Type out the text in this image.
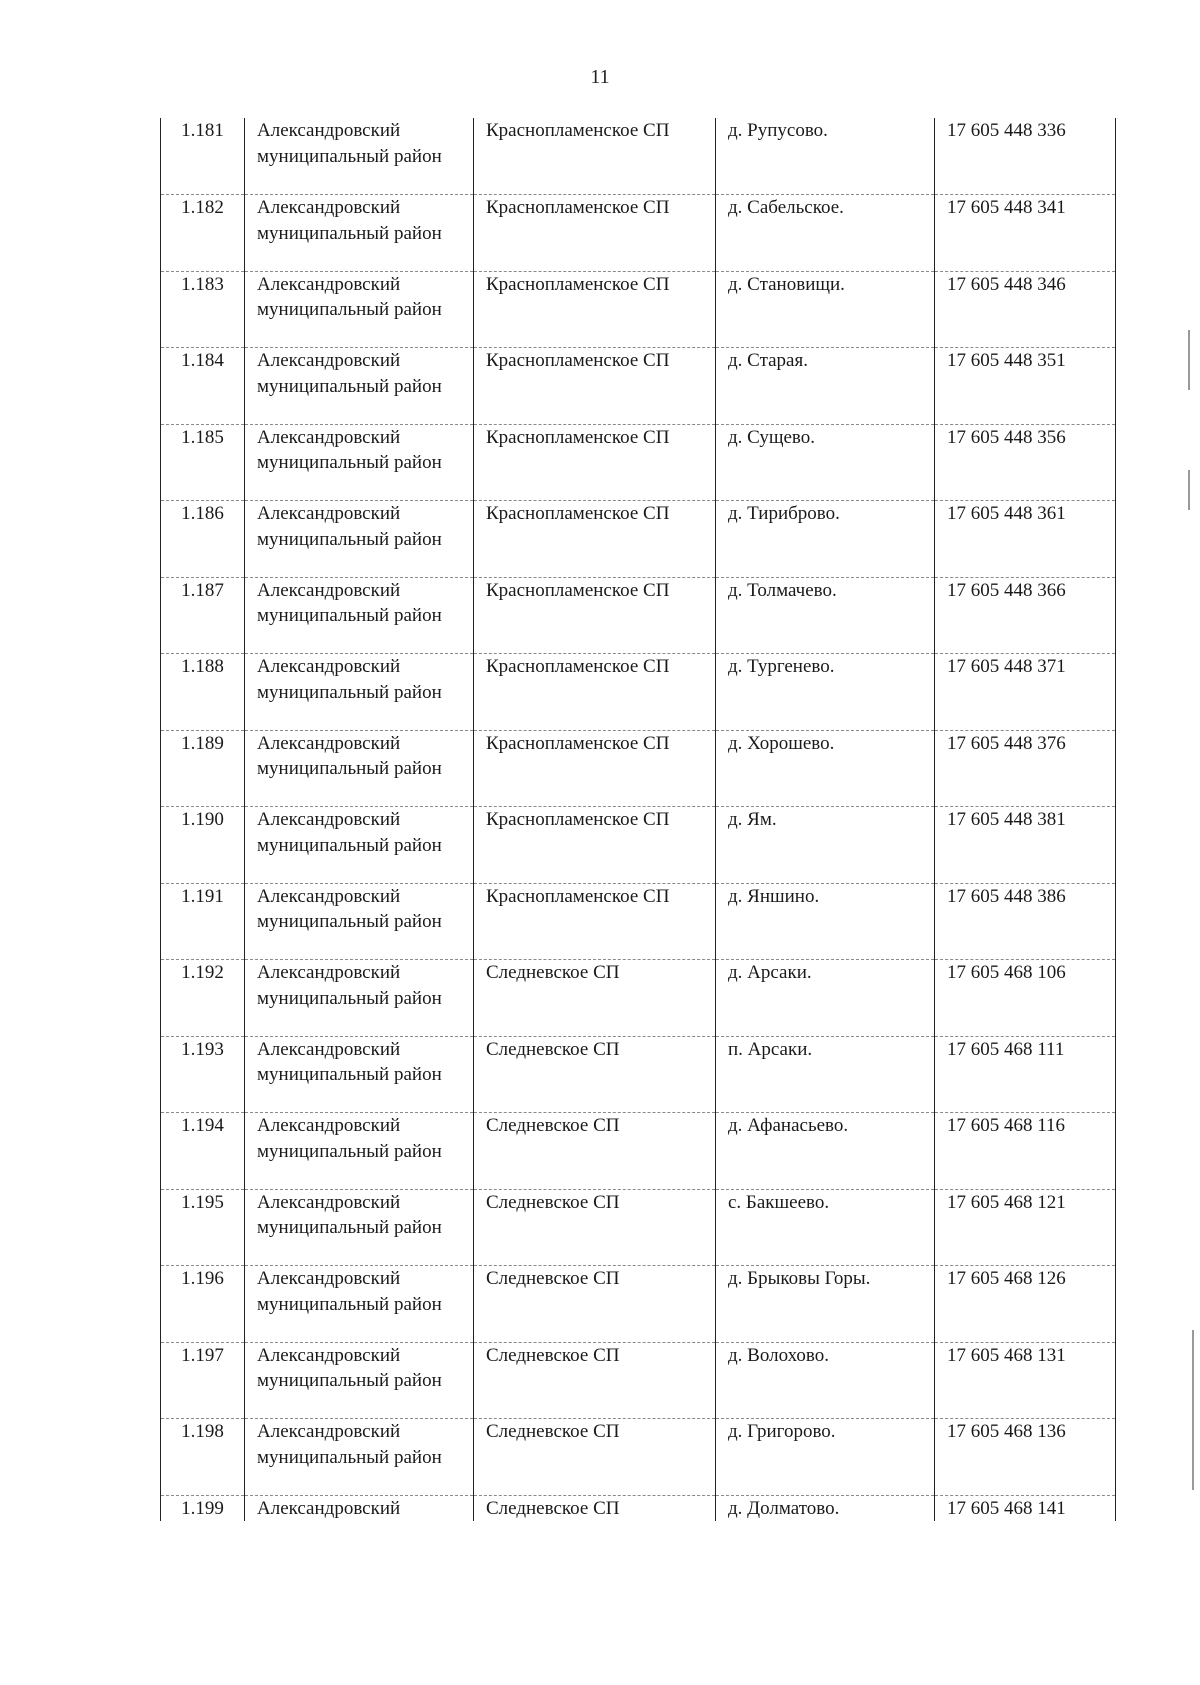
11
1.181	Александровский муниципальный район	Краснопламенское СП	д. Рупусово.	17 605 448 336
1.182	Александровский муниципальный район	Краснопламенское СП	д. Сабельское.	17 605 448 341
1.183	Александровский муниципальный район	Краснопламенское СП	д. Становищи.	17 605 448 346
1.184	Александровский муниципальный район	Краснопламенское СП	д. Старая.	17 605 448 351
1.185	Александровский муниципальный район	Краснопламенское СП	д. Сущево.	17 605 448 356
1.186	Александровский муниципальный район	Краснопламенское СП	д. Тириброво.	17 605 448 361
1.187	Александровский муниципальный район	Краснопламенское СП	д. Толмачево.	17 605 448 366
1.188	Александровский муниципальный район	Краснопламенское СП	д. Тургенево.	17 605 448 371
1.189	Александровский муниципальный район	Краснопламенское СП	д. Хорошево.	17 605 448 376
1.190	Александровский муниципальный район	Краснопламенское СП	д. Ям.	17 605 448 381
1.191	Александровский муниципальный район	Краснопламенское СП	д. Яншино.	17 605 448 386
1.192	Александровский муниципальный район	Следневское СП	д. Арсаки.	17 605 468 106
1.193	Александровский муниципальный район	Следневское СП	п. Арсаки.	17 605 468 111
1.194	Александровский муниципальный район	Следневское СП	д. Афанасьево.	17 605 468 116
1.195	Александровский муниципальный район	Следневское СП	с. Бакшеево.	17 605 468 121
1.196	Александровский муниципальный район	Следневское СП	д. Брыковы Горы.	17 605 468 126
1.197	Александровский муниципальный район	Следневское СП	д. Волохово.	17 605 468 131
1.198	Александровский муниципальный район	Следневское СП	д. Григорово.	17 605 468 136
1.199	Александровский	Следневское СП	д. Долматово.	17 605 468 141
